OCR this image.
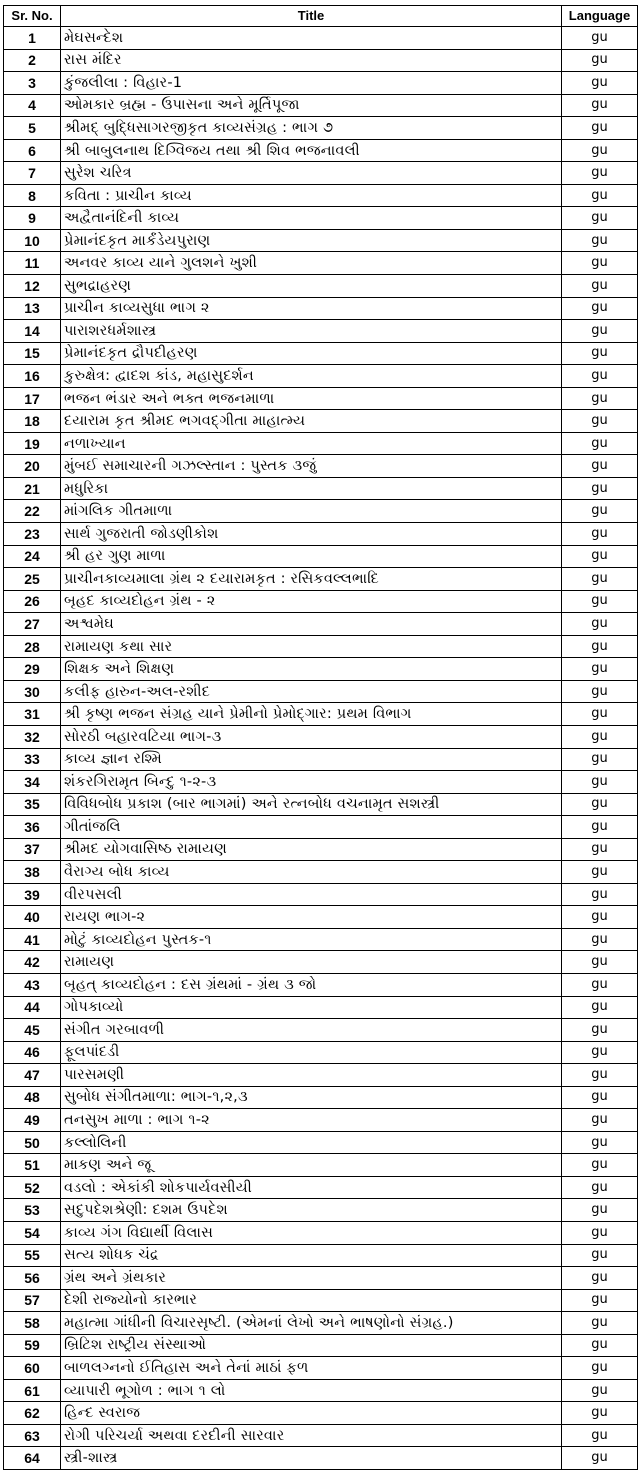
Sr. No.	Title	Language
1	મેઘસન્દેશ	gu
2	રાસ મંદિર	gu
3	કુંજલીલા : વિહાર-1	gu
4	ઓમકાર બ્રહ્મ - ઉપાસના અને મૂર્તિપૂજા	gu
5	શ્રીમદ્ બુદ્ધિસાગરજીકૃત કાવ્યસંગ્રહ : ભાગ ૭	gu
6	શ્રી બાબુલનાથ દિગ્વિજય તથા શ્રી શિવ ભજનાવલી	gu
7	સુરેશ ચરિત્ર	gu
8	કવિતા : પ્રાચીન કાવ્ય	gu
9	અદ્વૈતાનંદિની કાવ્ય	gu
10	પ્રેમાનંદકૃત માર્કંડેયપુરાણ	gu
11	અનવર કાવ્ય યાને ગુલશને ખુશી	gu
12	સુભદ્રાહરણ	gu
13	પ્રાચીન કાવ્યસુધા ભાગ ૨	gu
14	પારાશરધર્મશાસ્ત્ર	gu
15	પ્રેમાનંદકૃત દ્રૌપદીહરણ	gu
16	કુરુક્ષેત્ર: દ્વાદશ કાંડ, મહાસુદર્શન	gu
17	ભજન ભંડાર અને ભક્ત ભજનમાળા	gu
18	દયારામ કૃત શ્રીમદ ભગવદ્ગીતા માહાત્મ્ય	gu
19	નળાખ્યાન	gu
20	મુંબઈ સમાચારની ગઝલ્સ્તાન : પુસ્તક ૩જું	gu
21	મધુરિકા	gu
22	માંગલિક ગીતમાળા	gu
23	સાર્થ ગુજરાતી જોડણીકોશ	gu
24	શ્રી હર ગુણ માળા	gu
25	પ્રાચીનકાવ્યમાલા ગ્રંથ ૨ દયારામકૃત : રસિકવલ્લભાદિ	gu
26	બૃહદ કાવ્યદોહન ગ્રંથ - ૨	gu
27	અશ્વમેઘ	gu
28	રામાયણ કથા સાર	gu
29	શિક્ષક અને શિક્ષણ	gu
30	કલીફ હારુન-અલ-રશીદ	gu
31	શ્રી કૃષ્ણ ભજન સંગ્રહ યાને પ્રેમીનો પ્રેમોદ્ગાર: પ્રથમ વિભાગ	gu
32	સોરઠી બહારવટિયા ભાગ-૩	gu
33	કાવ્ય જ્ઞાન રશ્મિ	gu
34	શંકરગિરામૃત બિન્દુ ૧-૨-૩	gu
35	વિવિધબોધ પ્રકાશ (બાર ભાગમાં) અને રત્નબોધ વચનામૃત સશસ્ત્રી	gu
36	ગીતાંજલિ	gu
37	શ્રીમદ યોગવાસિષ્ઠ રામાયણ	gu
38	વૈરાગ્ય બોધ કાવ્ય	gu
39	વીરપસલી	gu
40	રાયણ ભાગ-૨	gu
41	મોટું કાવ્યદોહન પુસ્તક-૧	gu
42	રામાયણ	gu
43	બૃહત્ કાવ્યદોહન : દસ ગ્રંથમાં - ગ્રંથ ૩ જો	gu
44	ગોપકાવ્યો	gu
45	સંગીત ગરબાવળી	gu
46	ફૂલપાંદડી	gu
47	પારસમણી	gu
48	સુબોધ સંગીતમાળા: ભાગ-૧,૨,૩	gu
49	તનસુખ માળા : ભાગ ૧-૨	gu
50	કલ્લોલિની	gu
51	માકણ અને જૂ	gu
52	વડલો : એકાંકી શોકપાર્યવસીયી	gu
53	સદુપદેશશ્રેણી: દશમ ઉપદેશ	gu
54	કાવ્ય ગંગ વિદ્યાર્થી વિલાસ	gu
55	સત્ય શોધક ચંદ્ર	gu
56	ગ્રંથ અને ગ્રંથકાર	gu
57	દેશી રાજ્યોનો કારભાર	gu
58	મહાત્મા ગાંધીની વિચારસૃષ્ટી. (એમનાં લેખો અને ભાષણોનો સંગ્રહ.)	gu
59	બ્રિટિશ રાષ્ટ્રીય સંસ્થાઓ	gu
60	બાળલગ્નનો ઈતિહાસ અને તેનાં માઠાં ફળ	gu
61	વ્યાપારી ભૂગોળ : ભાગ ૧ લો	gu
62	હિન્દ સ્વરાજ	gu
63	રોગી પરિચર્યા અથવા દરદીની સારવાર	gu
64	સ્ત્રી-શાસ્ત્ર	gu
